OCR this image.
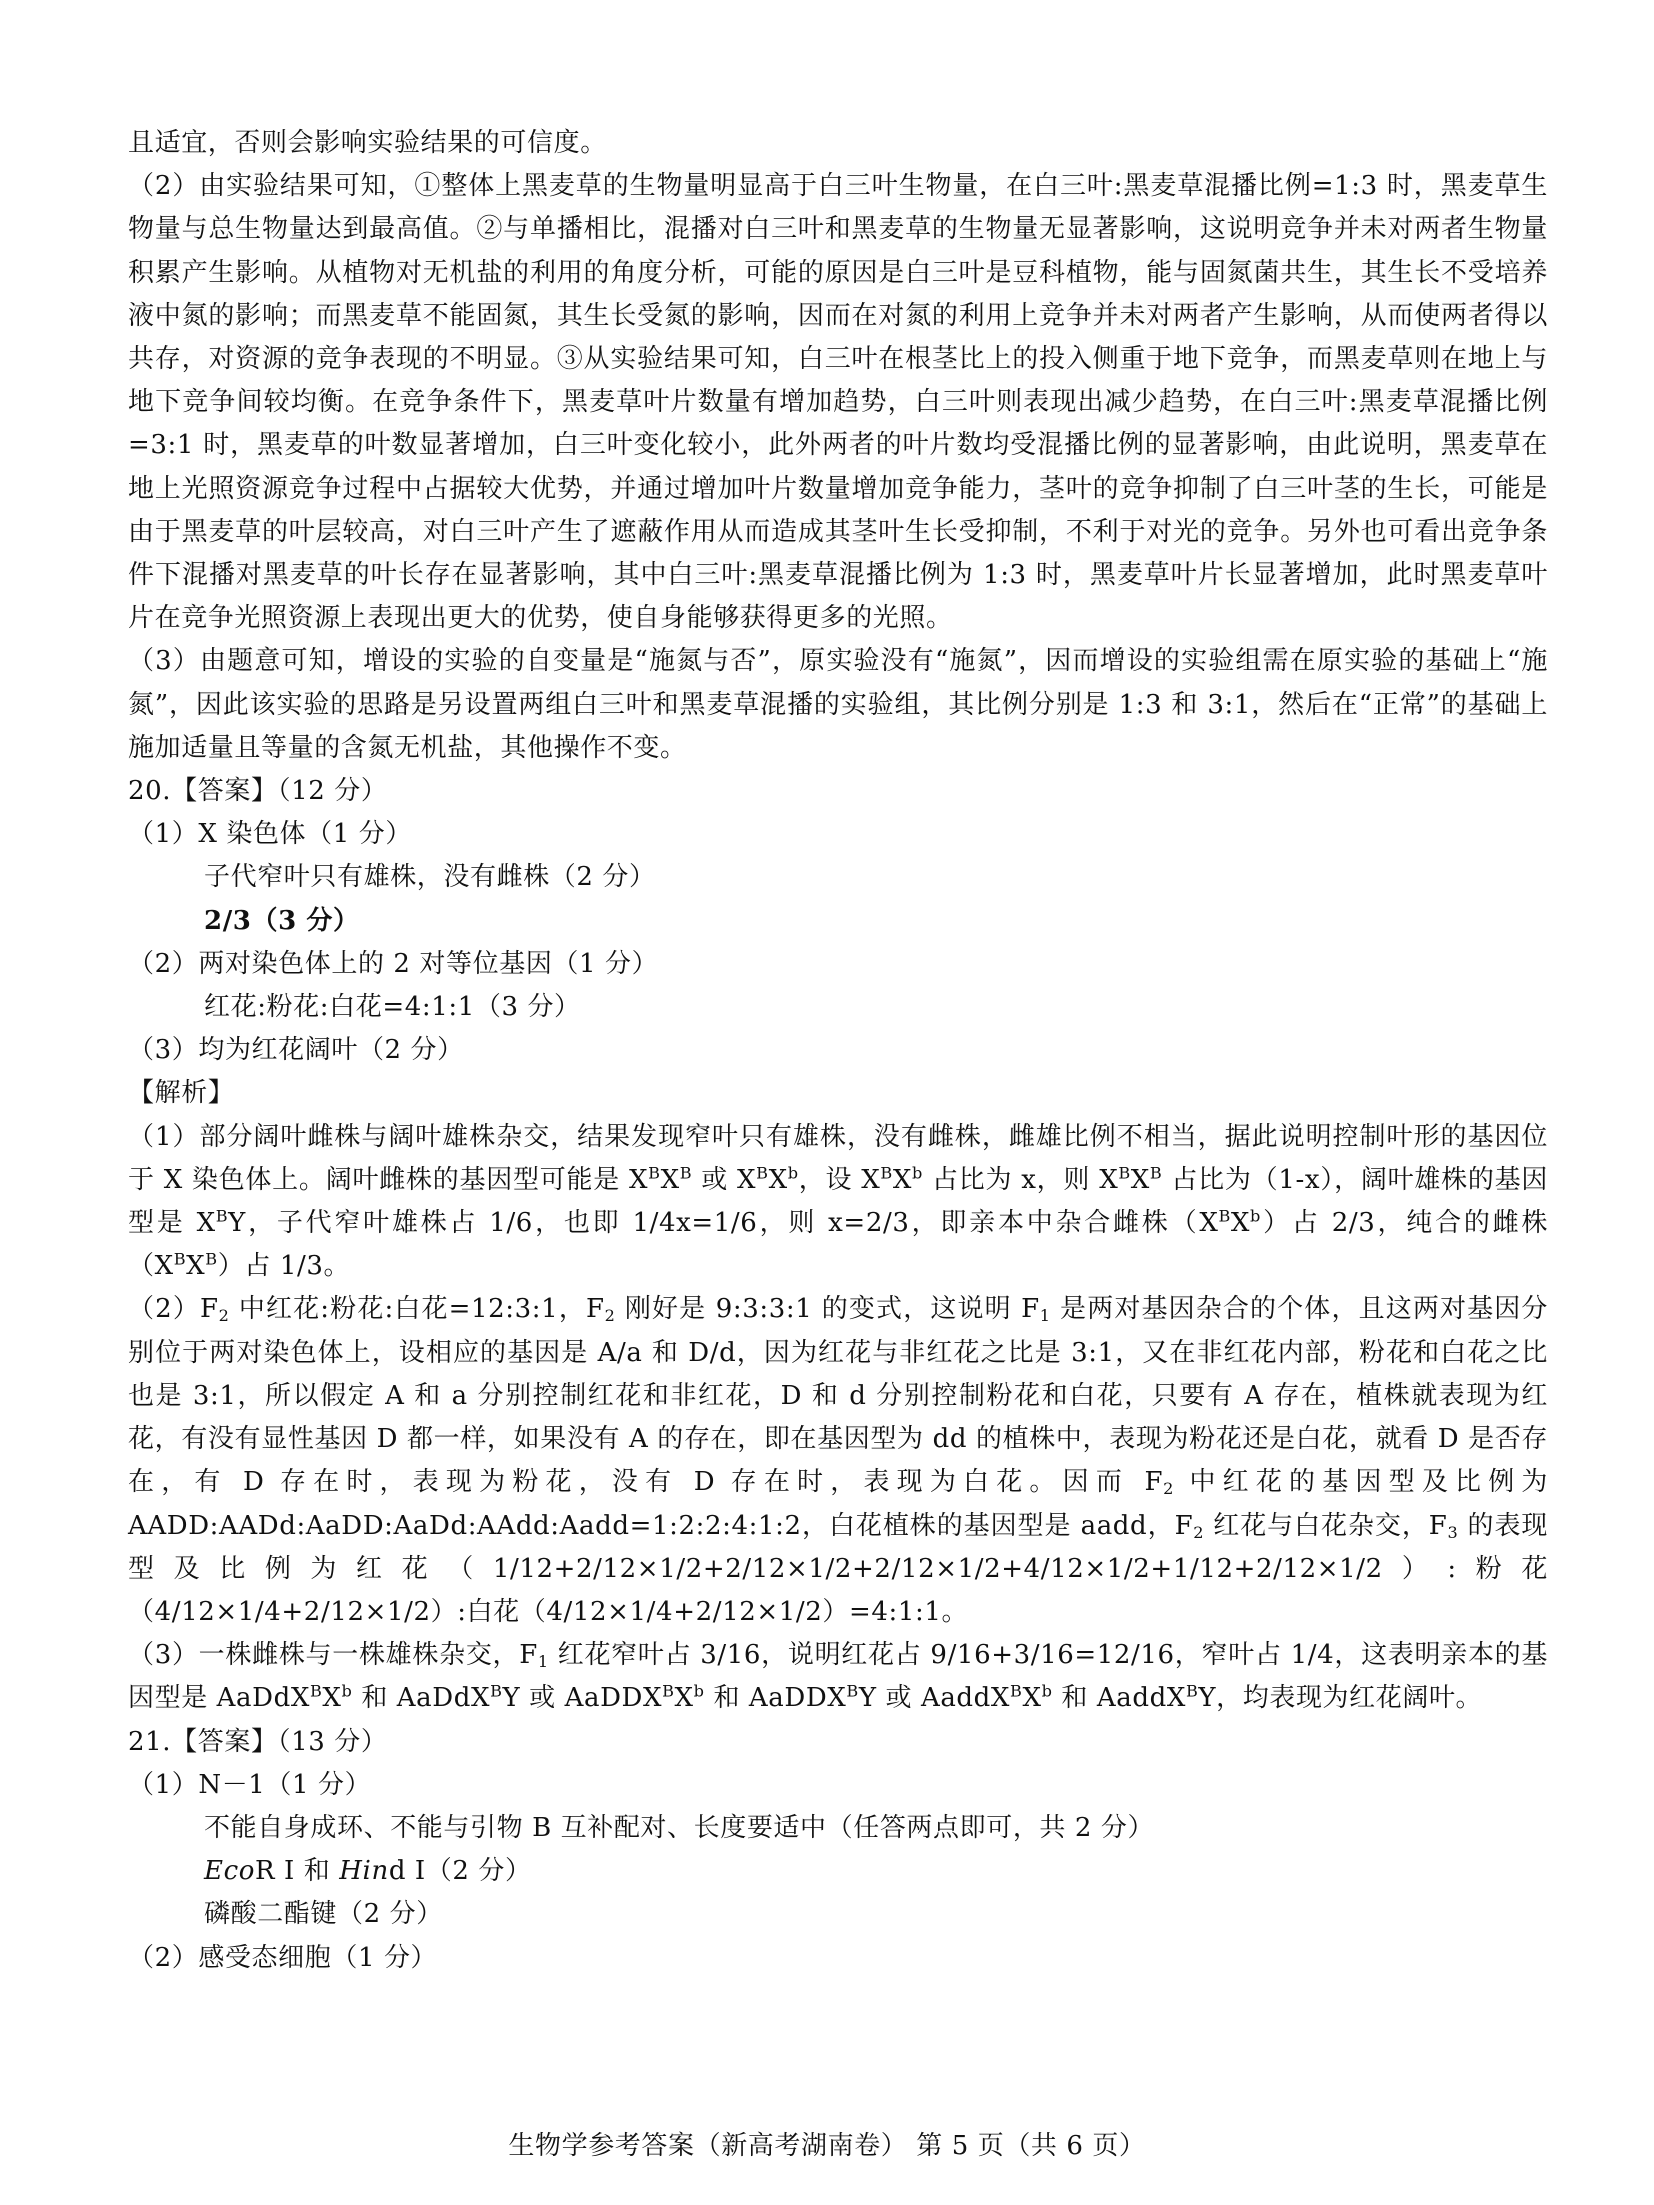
且适宜，否则会影响实验结果的可信度。

（2）由实验结果可知，①整体上黑麦草的生物量明显高于白三叶生物量，在白三叶:黑麦草混播比例=1:3 时，黑麦草生物量与总生物量达到最高值。②与单播相比，混播对白三叶和黑麦草的生物量无显著影响，这说明竞争并未对两者生物量积累产生影响。从植物对无机盐的利用的角度分析，可能的原因是白三叶是豆科植物，能与固氮菌共生，其生长不受培养液中氮的影响；而黑麦草不能固氮，其生长受氮的影响，因而在对氮的利用上竞争并未对两者产生影响，从而使两者得以共存，对资源的竞争表现的不明显。③从实验结果可知，白三叶在根茎比上的投入侧重于地下竞争，而黑麦草则在地上与地下竞争间较均衡。在竞争条件下，黑麦草叶片数量有增加趋势，白三叶则表现出减少趋势，在白三叶:黑麦草混播比例=3:1 时，黑麦草的叶数显著增加，白三叶变化较小，此外两者的叶片数均受混播比例的显著影响，由此说明，黑麦草在地上光照资源竞争过程中占据较大优势，并通过增加叶片数量增加竞争能力，茎叶的竞争抑制了白三叶茎的生长，可能是由于黑麦草的叶层较高，对白三叶产生了遮蔽作用从而造成其茎叶生长受抑制，不利于对光的竞争。另外也可看出竞争条件下混播对黑麦草的叶长存在显著影响，其中白三叶:黑麦草混播比例为 1:3 时，黑麦草叶片长显著增加，此时黑麦草叶片在竞争光照资源上表现出更大的优势，使自身能够获得更多的光照。

（3）由题意可知，增设的实验的自变量是“施氮与否”，原实验没有“施氮”，因而增设的实验组需在原实验的基础上“施氮”，因此该实验的思路是另设置两组白三叶和黑麦草混播的实验组，其比例分别是 1:3 和 3:1，然后在“正常”的基础上施加适量且等量的含氮无机盐，其他操作不变。

20.【答案】（12 分）

（1）X 染色体（1 分）

子代窄叶只有雄株，没有雌株（2 分）

2/3（3 分）

（2）两对染色体上的 2 对等位基因（1 分）

红花:粉花:白花=4:1:1（3 分）

（3）均为红花阔叶（2 分）

【解析】

（1）部分阔叶雌株与阔叶雄株杂交，结果发现窄叶只有雄株，没有雌株，雌雄比例不相当，据此说明控制叶形的基因位于 X 染色体上。阔叶雌株的基因型可能是 $X^BX^B$ 或 $X^BX^b$，设 $X^BX^b$ 占比为 x，则 $X^BX^B$ 占比为（1-x），阔叶雄株的基因型是 $X^BY$，子代窄叶雄株占 1/6，也即 1/4x=1/6，则 x=2/3，即亲本中杂合雌株$(X^BX^b)$占 2/3，纯合的雌株$(X^BX^B)$占 1/3。

$(2)F_2$ 中红花:粉花:白花=12:3:1，$F_2$ 刚好是 9:3:3:1 的变式，这说明 $F_1$ 是两对基因杂合的个体，且这两对基因分别位于两对染色体上，设相应的基因是 A/a 和 D/d，因为红花与非红花之比是 3:1，又在非红花内部，粉花和白花之比也是 3:1，所以假定 A 和 a 分别控制红花和非红花，D 和 d 分别控制粉花和白花，只要有 A 存在，植株就表现为红花，有没有显性基因 D 都一样，如果没有 A 的存在，即在基因型为 dd 的植株中，表现为粉花还是白花，就看 D 是否存在，有 D 存在时，表现为粉花，没有 D 存在时，表现为白花。因而 $F_2$ 中红花的基因型及比例为 AADD:AADd:AaDD:AaDd:AAdd:Aadd=1:2:2:4:1:2，白花植株的基因型是 aadd，$F_2$ 红花与白花杂交，$F_3$ 的表现型及比例为红花（1/12+2/12×1/2+2/12×1/2+2/12×1/2+4/12×1/2+1/12+2/12×1/2）:粉花（4/12×1/4+2/12×1/2）:白花（4/12×1/4+2/12×1/2）=4:1:1。

（3）一株雌株与一株雄株杂交，$F_1$ 红花窄叶占 3/16，说明红花占 9/16+3/16=12/16，窄叶占 1/4，这表明亲本的基因型是 $AaDdX^BX^b$ 和 AaDdX$^B$Y 或 $AaDDX^BX^b$ 和 AaDDX$^B$Y 或 $AaddX^BX^b$ 和 AaddX$^B$Y，均表现为红花阔叶。

21.【答案】（13 分）

（1）N－1（1 分）

不能自身成环、不能与引物 B 互补配对、长度要适中（任答两点即可，共 2 分）

EcoR Ⅰ 和 Hind Ⅰ（2 分）

磷酸二酯键（2 分）

（2）感受态细胞（1 分）

生物学参考答案（新高考湖南卷） 第 5 页（共 6 页）
